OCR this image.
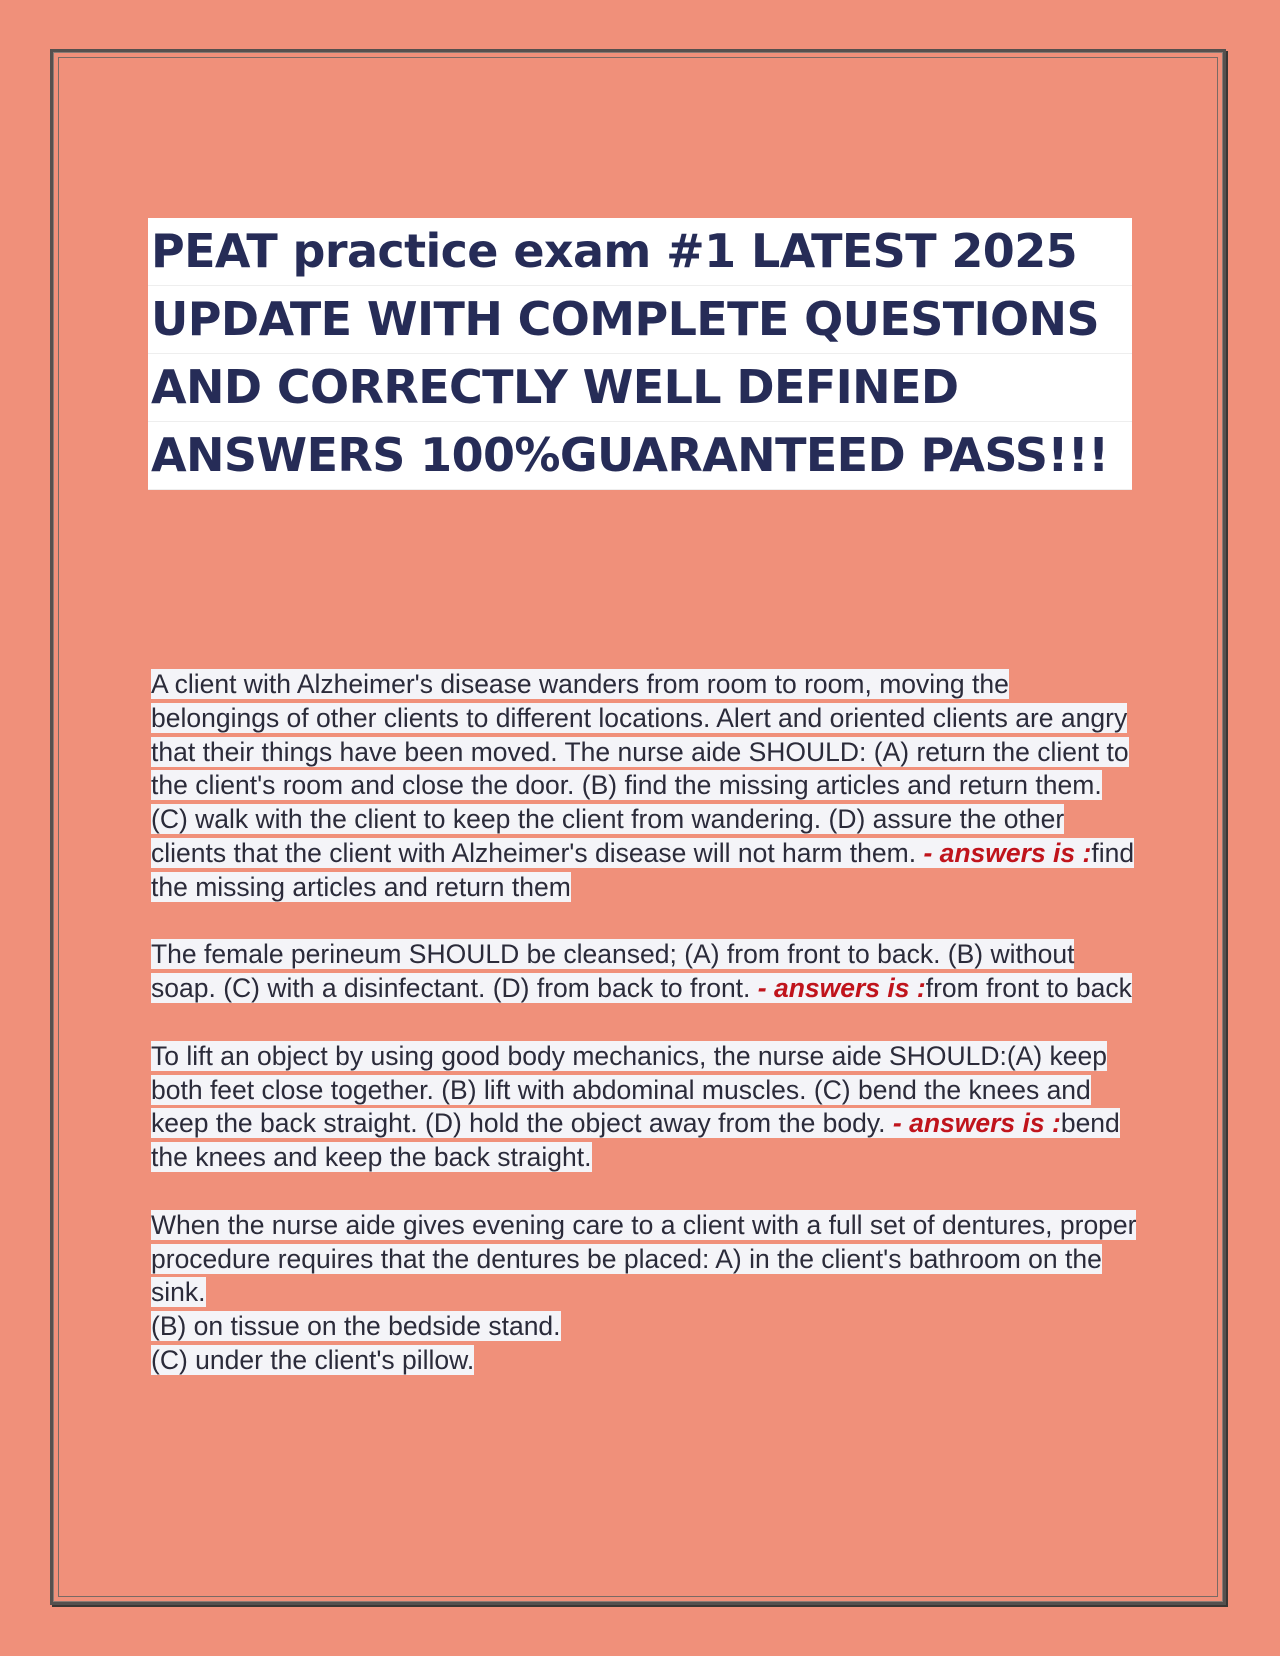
PEAT practice exam #1 LATEST 2025
UPDATE WITH COMPLETE QUESTIONS
AND CORRECTLY WELL DEFINED
ANSWERS 100%GUARANTEED PASS!!!

A client with Alzheimer's disease wanders from room to room, moving the belongings of other clients to different locations. Alert and oriented clients are angry that their things have been moved. The nurse aide SHOULD: (A) return the client to the client's room and close the door. (B) find the missing articles and return them. (C) walk with the client to keep the client from wandering. (D) assure the other clients that the client with Alzheimer's disease will not harm them. - answers is :find the missing articles and return them

The female perineum SHOULD be cleansed; (A) from front to back. (B) without soap. (C) with a disinfectant. (D) from back to front. - answers is :from front to back

To lift an object by using good body mechanics, the nurse aide SHOULD:(A) keep both feet close together. (B) lift with abdominal muscles. (C) bend the knees and keep the back straight. (D) hold the object away from the body. - answers is :bend the knees and keep the back straight.

When the nurse aide gives evening care to a client with a full set of dentures, proper procedure requires that the dentures be placed: A) in the client's bathroom on the sink.
(B) on tissue on the bedside stand.
(C) under the client's pillow.
